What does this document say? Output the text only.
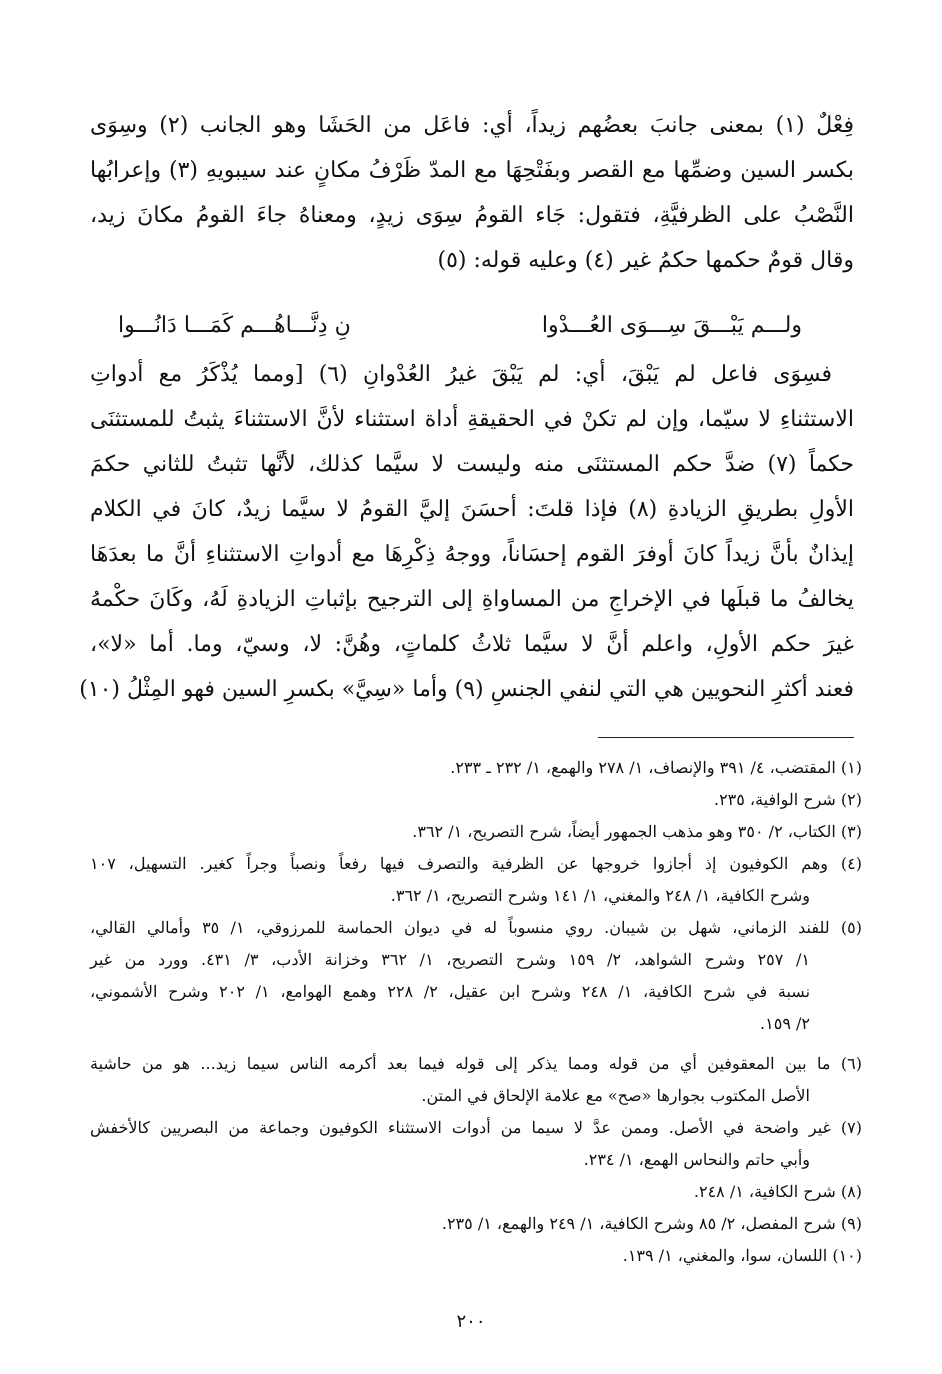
فِعْلٌ (١) بمعنى جانبَ بعضُهم زيداً، أي: فاعَل من الحَشَا وهو الجانب (٢) وسِوَى
بكسر السين وضمِّها مع القصر وبفَتْحِهَا مع المدّ ظَرْفُ مكانٍ عند سيبويهِ (٣) وإعرابُها
النَّصْبُ على الظرفيَّةِ، فتقول: جَاء القومُ سِوَى زيدٍ، ومعناهُ جاءَ القومُ مكانَ زيد،
وقال قومٌ حكمها حكمُ غير (٤) وعليه قوله: (٥)
ولـــم يَبْـــقَ سِـــوَى العُـــدْوا
نِ دِنَّـــاهُـــم كَمَـــا دَانُـــوا
فسِوَى فاعل لم يَبْقَ، أي: لم يَبْقَ غيرُ العُدْوانِ (٦) [ومما يُذْكَرُ مع أدواتِ
الاستثناءِ لا سيّما، وإن لم تكنْ في الحقيقةِ أداة استثناء لأنَّ الاستثناءَ يثبتُ للمستثنَى
حكماً (٧) ضدَّ حكم المستثنَى منه وليست لا سيَّما كذلك، لأنَّها تثبتُ للثاني حكمَ
الأولِ بطريقِ الزيادةِ (٨) فإذا قلتَ: أحسَنَ إليَّ القومُ لا سيَّما زيدٌ، كانَ في الكلام
إيذانٌ بأنَّ زيداً كانَ أوفرَ القوم إحسَاناً، ووجهُ ذِكْرِهَا مع أدواتِ الاستثناءِ أنَّ ما بعدَهَا
يخالفُ ما قبلَها في الإخراجِ من المساواةِ إلى الترجيح بإثباتِ الزيادةِ لَهُ، وكَانَ حكْمهُ
غيرَ حكم الأولِ، واعلم أنَّ لا سيَّما ثلاثُ كلماتٍ، وهُنَّ: لا، وسيّ، وما. أما «لا»،
فعند أكثرِ النحويين هي التي لنفي الجنسِ (٩) وأما «سِيَّ» بكسرِ السين فهو المِثْلُ (١٠)
(١) المقتضب، ٤/ ٣٩١ والإنصاف، ١/ ٢٧٨ والهمع، ١/ ٢٣٢ ـ ٢٣٣.
(٢) شرح الوافية، ٢٣٥.
(٣) الكتاب، ٢/ ٣٥٠ وهو مذهب الجمهور أيضاً، شرح التصريح، ١/ ٣٦٢.
(٤) وهم الكوفيون إذ أجازوا خروجها عن الظرفية والتصرف فيها رفعاً ونصباً وجراً كغير. التسهيل، ١٠٧
وشرح الكافية، ١/ ٢٤٨ والمغني، ١/ ١٤١ وشرح التصريح، ١/ ٣٦٢.
(٥) للفند الزماني، شهل بن شيبان. روي منسوباً له في ديوان الحماسة للمرزوقي، ١/ ٣٥ وأمالي القالي،
١/ ٢٥٧ وشرح الشواهد، ٢/ ١٥٩ وشرح التصريح، ١/ ٣٦٢ وخزانة الأدب، ٣/ ٤٣١. وورد من غير
نسبة في شرح الكافية، ١/ ٢٤٨ وشرح ابن عقيل، ٢/ ٢٢٨ وهمع الهوامع، ١/ ٢٠٢ وشرح الأشموني،
٢/ ١٥٩.
(٦) ما بين المعقوفين أي من قوله ومما يذكر إلى قوله فيما بعد أكرمه الناس سيما زيد... هو من حاشية
الأصل المكتوب بجوارها «صح» مع علامة الإلحاق في المتن.
(٧) غير واضحة في الأصل. وممن عدَّ لا سيما من أدوات الاستثناء الكوفيون وجماعة من البصريين كالأخفش
وأبي حاتم والنحاس الهمع، ١/ ٢٣٤.
(٨) شرح الكافية، ١/ ٢٤٨.
(٩) شرح المفصل، ٢/ ٨٥ وشرح الكافية، ١/ ٢٤٩ والهمع، ١/ ٢٣٥.
(١٠) اللسان، سوا، والمغني، ١/ ١٣٩.
٢٠٠
